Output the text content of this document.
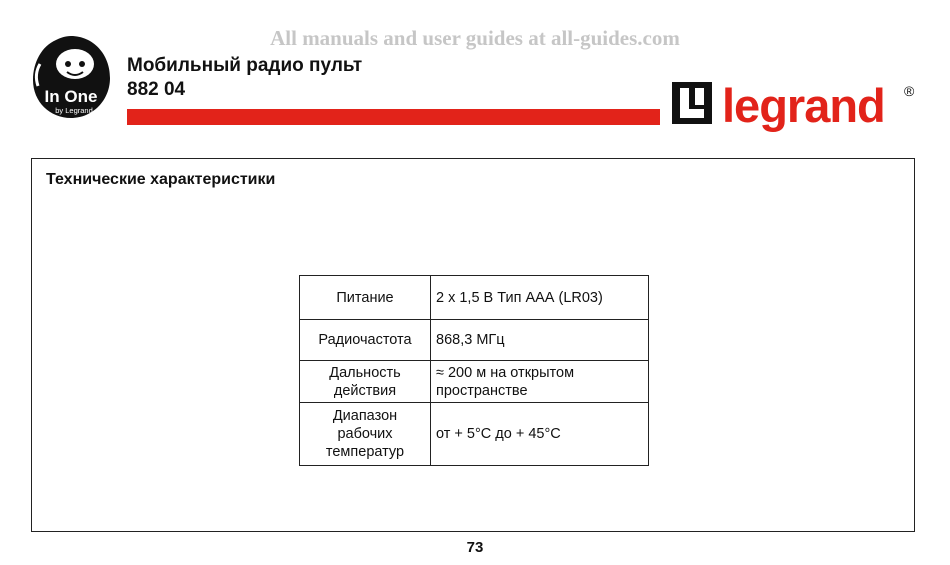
All manuals and user guides at all-guides.com
In One
by Legrand
Мобильный радио пульт
882 04	legrand ®
Технические характеристики
Питание	2 x 1,5 В Тип ААА (LR03)
Радиочастота	868,3 МГц
Дальность действия	≈ 200 м на открытом пространстве
Диапазон рабочих температур	от + 5°C до + 45°C
73
